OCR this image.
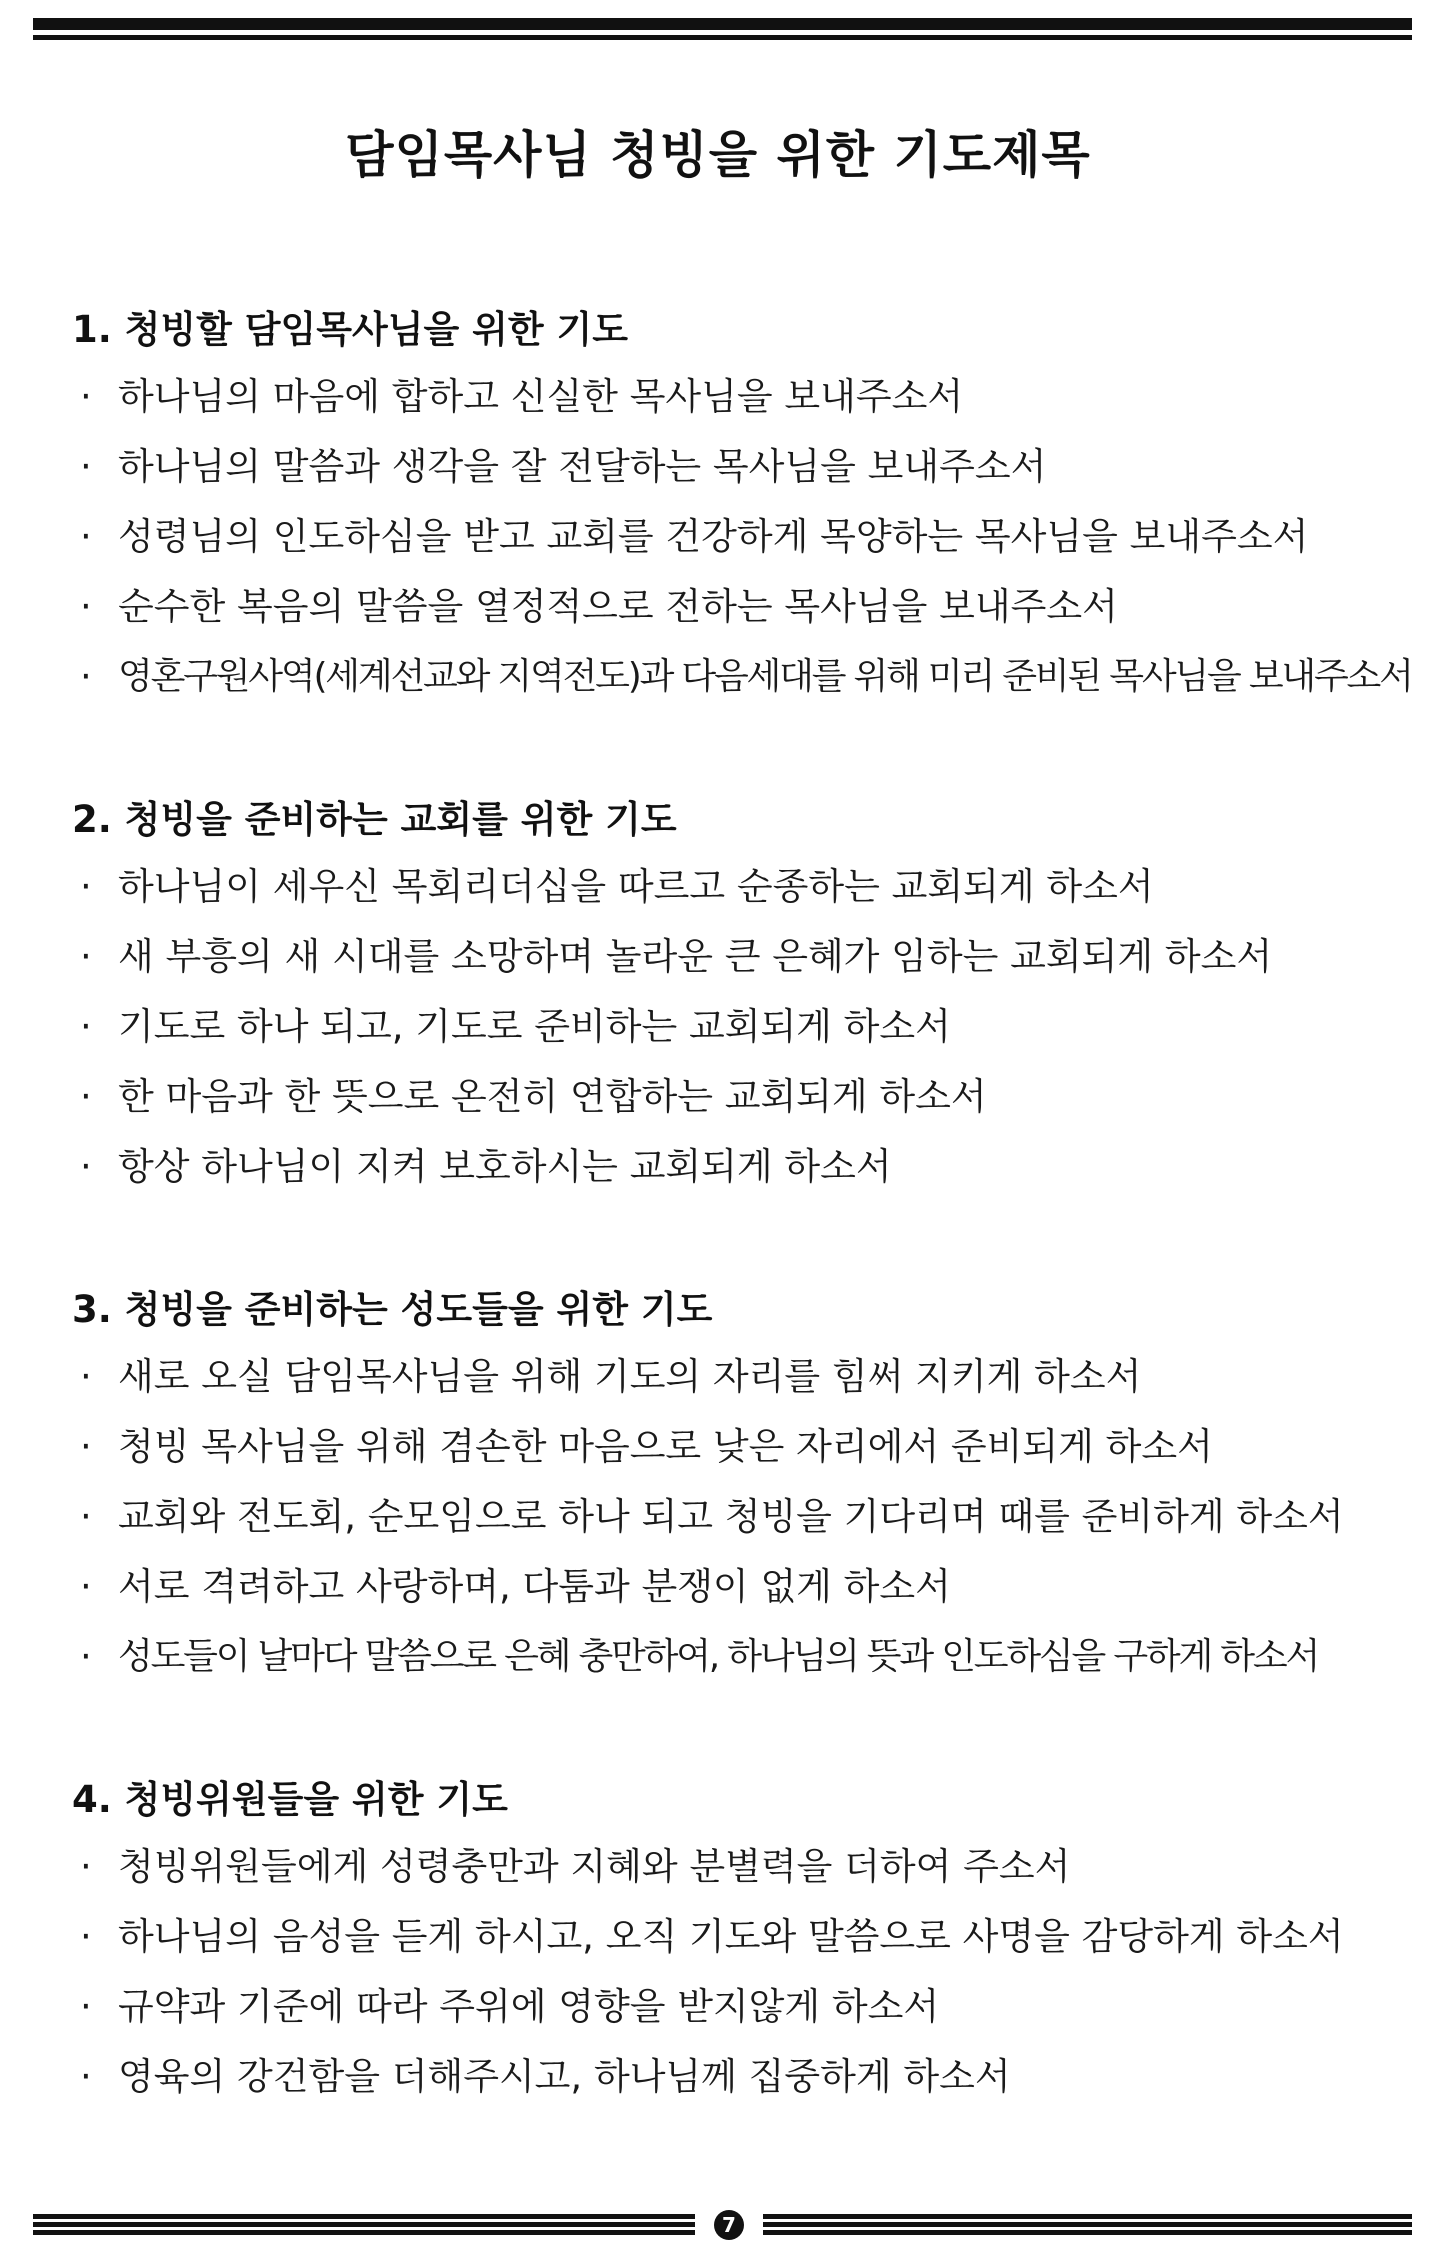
담임목사님 청빙을 위한 기도제목
1. 청빙할 담임목사님을 위한 기도
· 하나님의 마음에 합하고 신실한 목사님을 보내주소서
· 하나님의 말씀과 생각을 잘 전달하는 목사님을 보내주소서
· 성령님의 인도하심을 받고 교회를 건강하게 목양하는 목사님을 보내주소서
· 순수한 복음의 말씀을 열정적으로 전하는 목사님을 보내주소서
· 영혼구원사역(세계선교와 지역전도)과 다음세대를 위해 미리 준비된 목사님을 보내주소서
2. 청빙을 준비하는 교회를 위한 기도
· 하나님이 세우신 목회리더십을 따르고 순종하는 교회되게 하소서
· 새 부흥의 새 시대를 소망하며 놀라운 큰 은혜가 임하는 교회되게 하소서
· 기도로 하나 되고, 기도로 준비하는 교회되게 하소서
· 한 마음과 한 뜻으로 온전히 연합하는 교회되게 하소서
· 항상 하나님이 지켜 보호하시는 교회되게 하소서
3. 청빙을 준비하는 성도들을 위한 기도
· 새로 오실 담임목사님을 위해 기도의 자리를 힘써 지키게 하소서
· 청빙 목사님을 위해 겸손한 마음으로 낮은 자리에서 준비되게 하소서
· 교회와 전도회, 순모임으로 하나 되고 청빙을 기다리며 때를 준비하게 하소서
· 서로 격려하고 사랑하며, 다툼과 분쟁이 없게 하소서
· 성도들이 날마다 말씀으로 은혜 충만하여, 하나님의 뜻과 인도하심을 구하게 하소서
4. 청빙위원들을 위한 기도
· 청빙위원들에게 성령충만과 지혜와 분별력을 더하여 주소서
· 하나님의 음성을 듣게 하시고, 오직 기도와 말씀으로 사명을 감당하게 하소서
· 규약과 기준에 따라 주위에 영향을 받지않게 하소서
· 영육의 강건함을 더해주시고, 하나님께 집중하게 하소서
7
